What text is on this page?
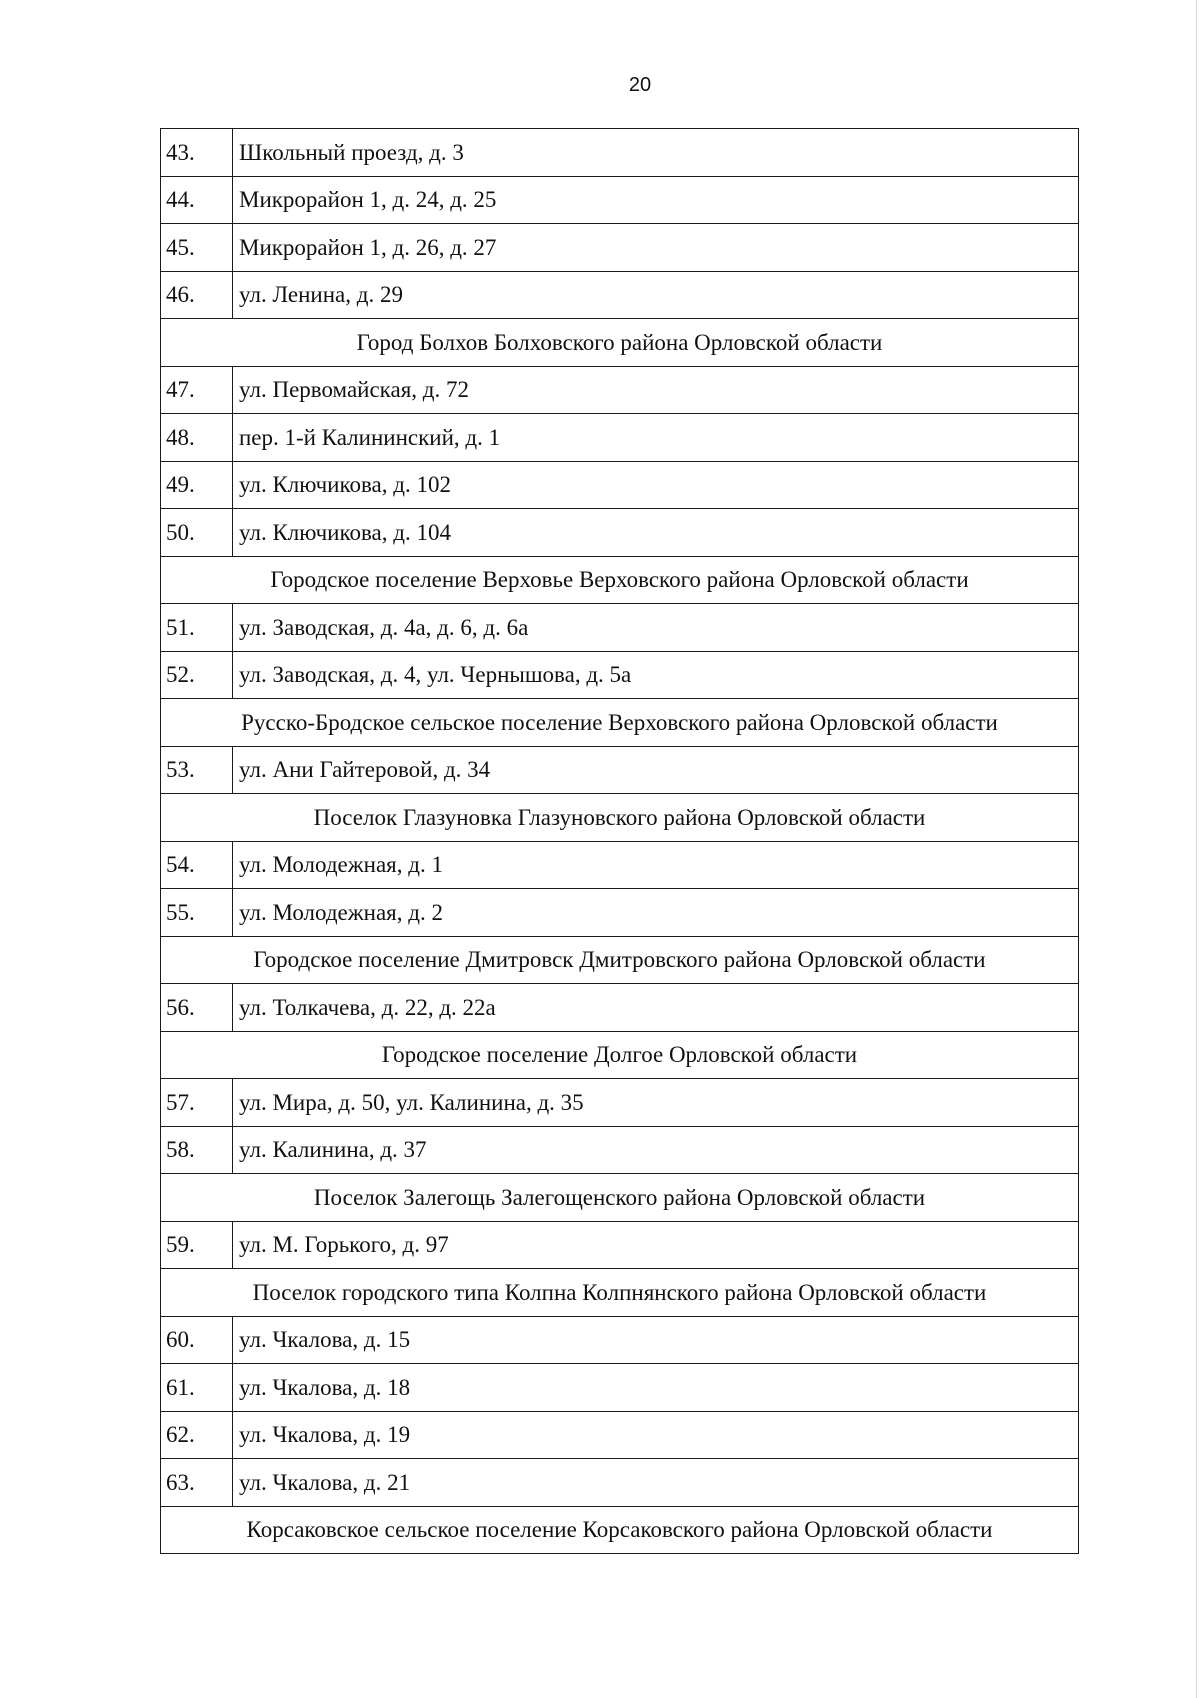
20
43.	Школьный проезд, д. 3
44.	Микрорайон 1, д. 24, д. 25
45.	Микрорайон 1, д. 26, д. 27
46.	ул. Ленина, д. 29
Город Болхов Болховского района Орловской области	
47.	ул. Первомайская, д. 72
48.	пер. 1-й Калининский, д. 1
49.	ул. Ключикова, д. 102
50.	ул. Ключикова, д. 104
Городское поселение Верховье Верховского района Орловской области	
51.	ул. Заводская, д. 4а, д. 6, д. 6а
52.	ул. Заводская, д. 4, ул. Чернышова, д. 5а
Русско-Бродское сельское поселение Верховского района Орловской области	
53.	ул. Ани Гайтеровой, д. 34
Поселок Глазуновка Глазуновского района Орловской области	
54.	ул. Молодежная, д. 1
55.	ул. Молодежная, д. 2
Городское поселение Дмитровск Дмитровского района Орловской области	
56.	ул. Толкачева, д. 22, д. 22а
Городское поселение Долгое Орловской области	
57.	ул. Мира, д. 50, ул. Калинина, д. 35
58.	ул. Калинина, д. 37
Поселок Залегощь Залегощенского района Орловской области	
59.	ул. М. Горького, д. 97
Поселок городского типа Колпна Колпнянского района Орловской области	
60.	ул. Чкалова, д. 15
61.	ул. Чкалова, д. 18
62.	ул. Чкалова, д. 19
63.	ул. Чкалова, д. 21
Корсаковское сельское поселение Корсаковского района Орловской области	
